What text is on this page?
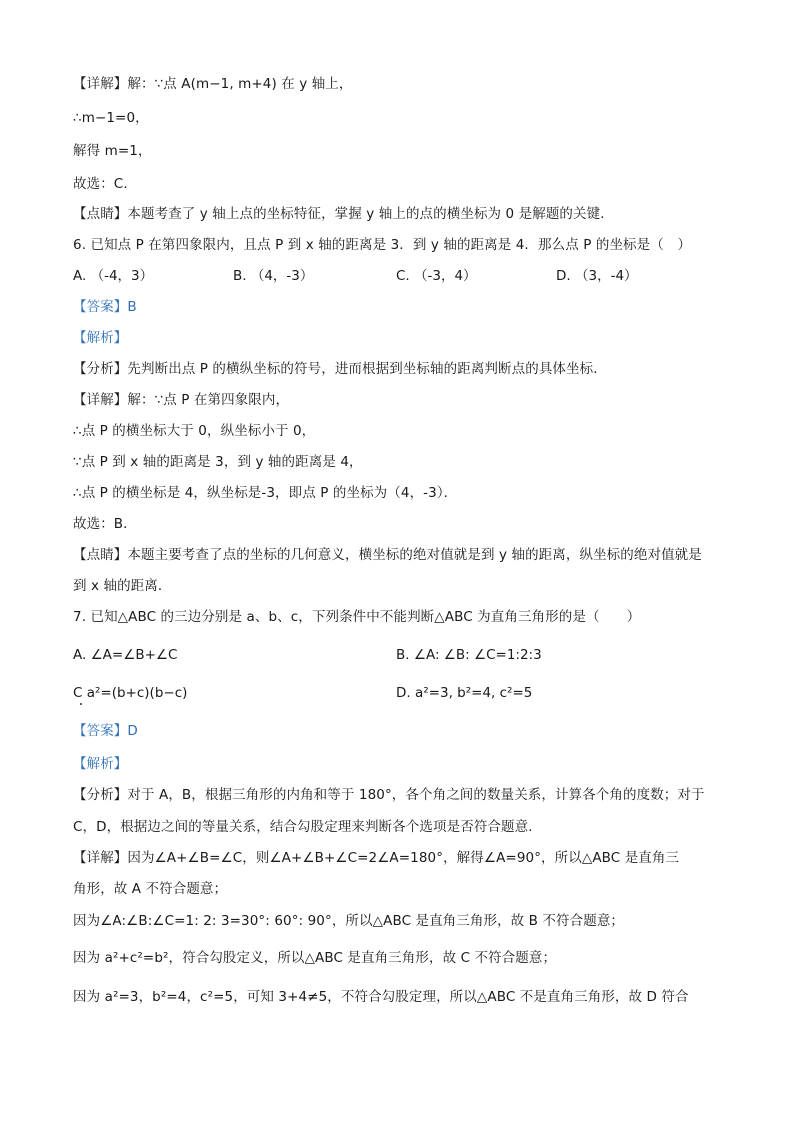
【详解】解：∵点 A(m−1, m+4) 在 y 轴上，
∴m−1=0，
解得 m=1，
故选：C．
【点睛】本题考查了 y 轴上点的坐标特征，掌握 y 轴上的点的横坐标为 0 是解题的关键．
6. 已知点 P 在第四象限内，且点 P 到 x 轴的距离是 3．到 y 轴的距离是 4．那么点 P 的坐标是（　）
A. （-4，3）	B. （4，-3）	C. （-3，4）	D. （3，-4）
【答案】B
【解析】
【分析】先判断出点 P 的横纵坐标的符号，进而根据到坐标轴的距离判断点的具体坐标．
【详解】解：∵点 P 在第四象限内，
∴点 P 的横坐标大于 0，纵坐标小于 0，
∵点 P 到 x 轴的距离是 3，到 y 轴的距离是 4，
∴点 P 的横坐标是 4，纵坐标是-3，即点 P 的坐标为（4，-3）．
故选：B．
【点睛】本题主要考查了点的坐标的几何意义，横坐标的绝对值就是到 y 轴的距离，纵坐标的绝对值就是
到 x 轴的距离．
7. 已知△ABC 的三边分别是 a、b、c，下列条件中不能判断△ABC 为直角三角形的是（　　）
A. ∠A=∠B+∠C	B. ∠A: ∠B: ∠C=1:2:3
C a²=(b+c)(b−c)	D. a²=3, b²=4, c²=5
【答案】D
【解析】
【分析】对于 A，B，根据三角形的内角和等于 180°，各个角之间的数量关系，计算各个角的度数；对于
C，D，根据边之间的等量关系，结合勾股定理来判断各个选项是否符合题意．
【详解】因为∠A+∠B=∠C，则∠A+∠B+∠C=2∠A=180°，解得∠A=90°，所以△ABC 是直角三
角形，故 A 不符合题意；
因为∠A:∠B:∠C=1: 2: 3=30°: 60°: 90°，所以△ABC 是直角三角形，故 B 不符合题意；
因为 a²+c²=b²，符合勾股定义，所以△ABC 是直角三角形，故 C 不符合题意；
因为 a²=3，b²=4，c²=5，可知 3+4≠5，不符合勾股定理，所以△ABC 不是直角三角形，故 D 符合
